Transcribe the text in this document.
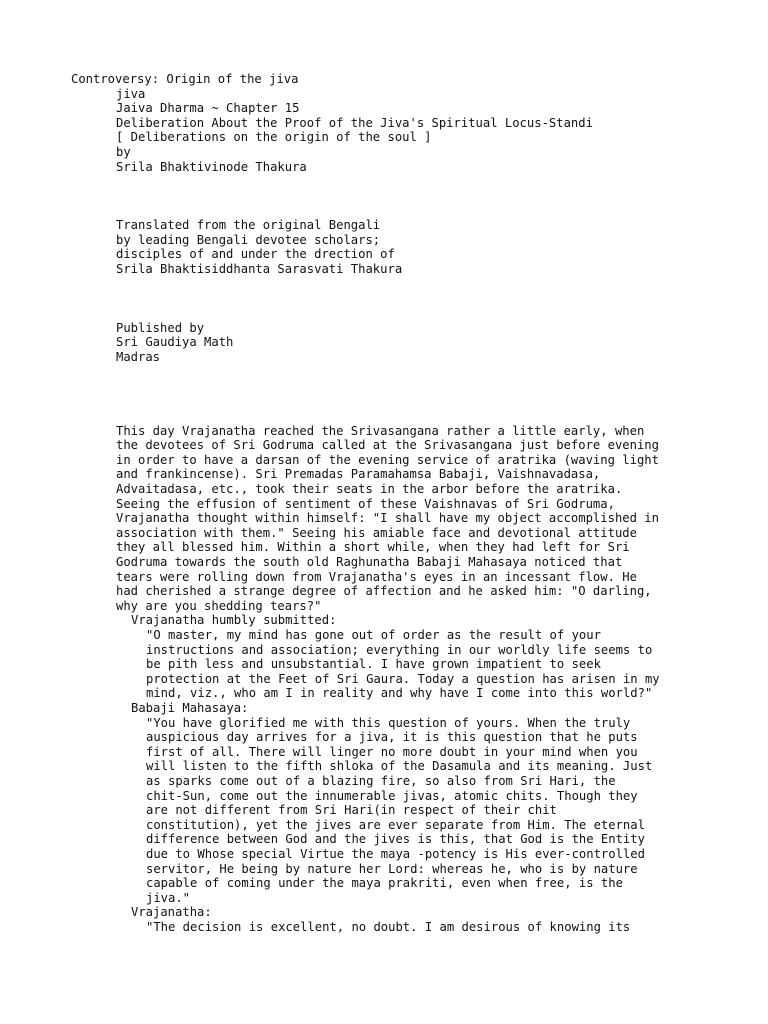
Controversy: Origin of the jiva
jiva
Jaiva Dharma ~ Chapter 15
Deliberation About the Proof of the Jiva's Spiritual Locus-Standi
[ Deliberations on the origin of the soul ]
by
Srila Bhaktivinode Thakura
Translated from the original Bengali
by leading Bengali devotee scholars;
disciples of and under the drection of
Srila Bhaktisiddhanta Sarasvati Thakura
Published by
Sri Gaudiya Math
Madras
This day Vrajanatha reached the Srivasangana rather a little early, when
the devotees of Sri Godruma called at the Srivasangana just before evening
in order to have a darsan of the evening service of aratrika (waving light
and frankincense). Sri Premadas Paramahamsa Babaji, Vaishnavadasa,
Advaitadasa, etc., took their seats in the arbor before the aratrika.
Seeing the effusion of sentiment of these Vaishnavas of Sri Godruma,
Vrajanatha thought within himself: "I shall have my object accomplished in
association with them." Seeing his amiable face and devotional attitude
they all blessed him. Within a short while, when they had left for Sri
Godruma towards the south old Raghunatha Babaji Mahasaya noticed that
tears were rolling down from Vrajanatha's eyes in an incessant flow. He
had cherished a strange degree of affection and he asked him: "O darling,
why are you shedding tears?"
Vrajanatha humbly submitted:
"O master, my mind has gone out of order as the result of your
instructions and association; everything in our worldly life seems to
be pith less and unsubstantial. I have grown impatient to seek
protection at the Feet of Sri Gaura. Today a question has arisen in my
mind, viz., who am I in reality and why have I come into this world?"
Babaji Mahasaya:
"You have glorified me with this question of yours. When the truly
auspicious day arrives for a jiva, it is this question that he puts
first of all. There will linger no more doubt in your mind when you
will listen to the fifth shloka of the Dasamula and its meaning. Just
as sparks come out of a blazing fire, so also from Sri Hari, the
chit-Sun, come out the innumerable jivas, atomic chits. Though they
are not different from Sri Hari(in respect of their chit
constitution), yet the jives are ever separate from Him. The eternal
difference between God and the jives is this, that God is the Entity
due to Whose special Virtue the maya -potency is His ever-controlled
servitor, He being by nature her Lord: whereas he, who is by nature
capable of coming under the maya prakriti, even when free, is the
jiva."
Vrajanatha:
"The decision is excellent, no doubt. I am desirous of knowing its
